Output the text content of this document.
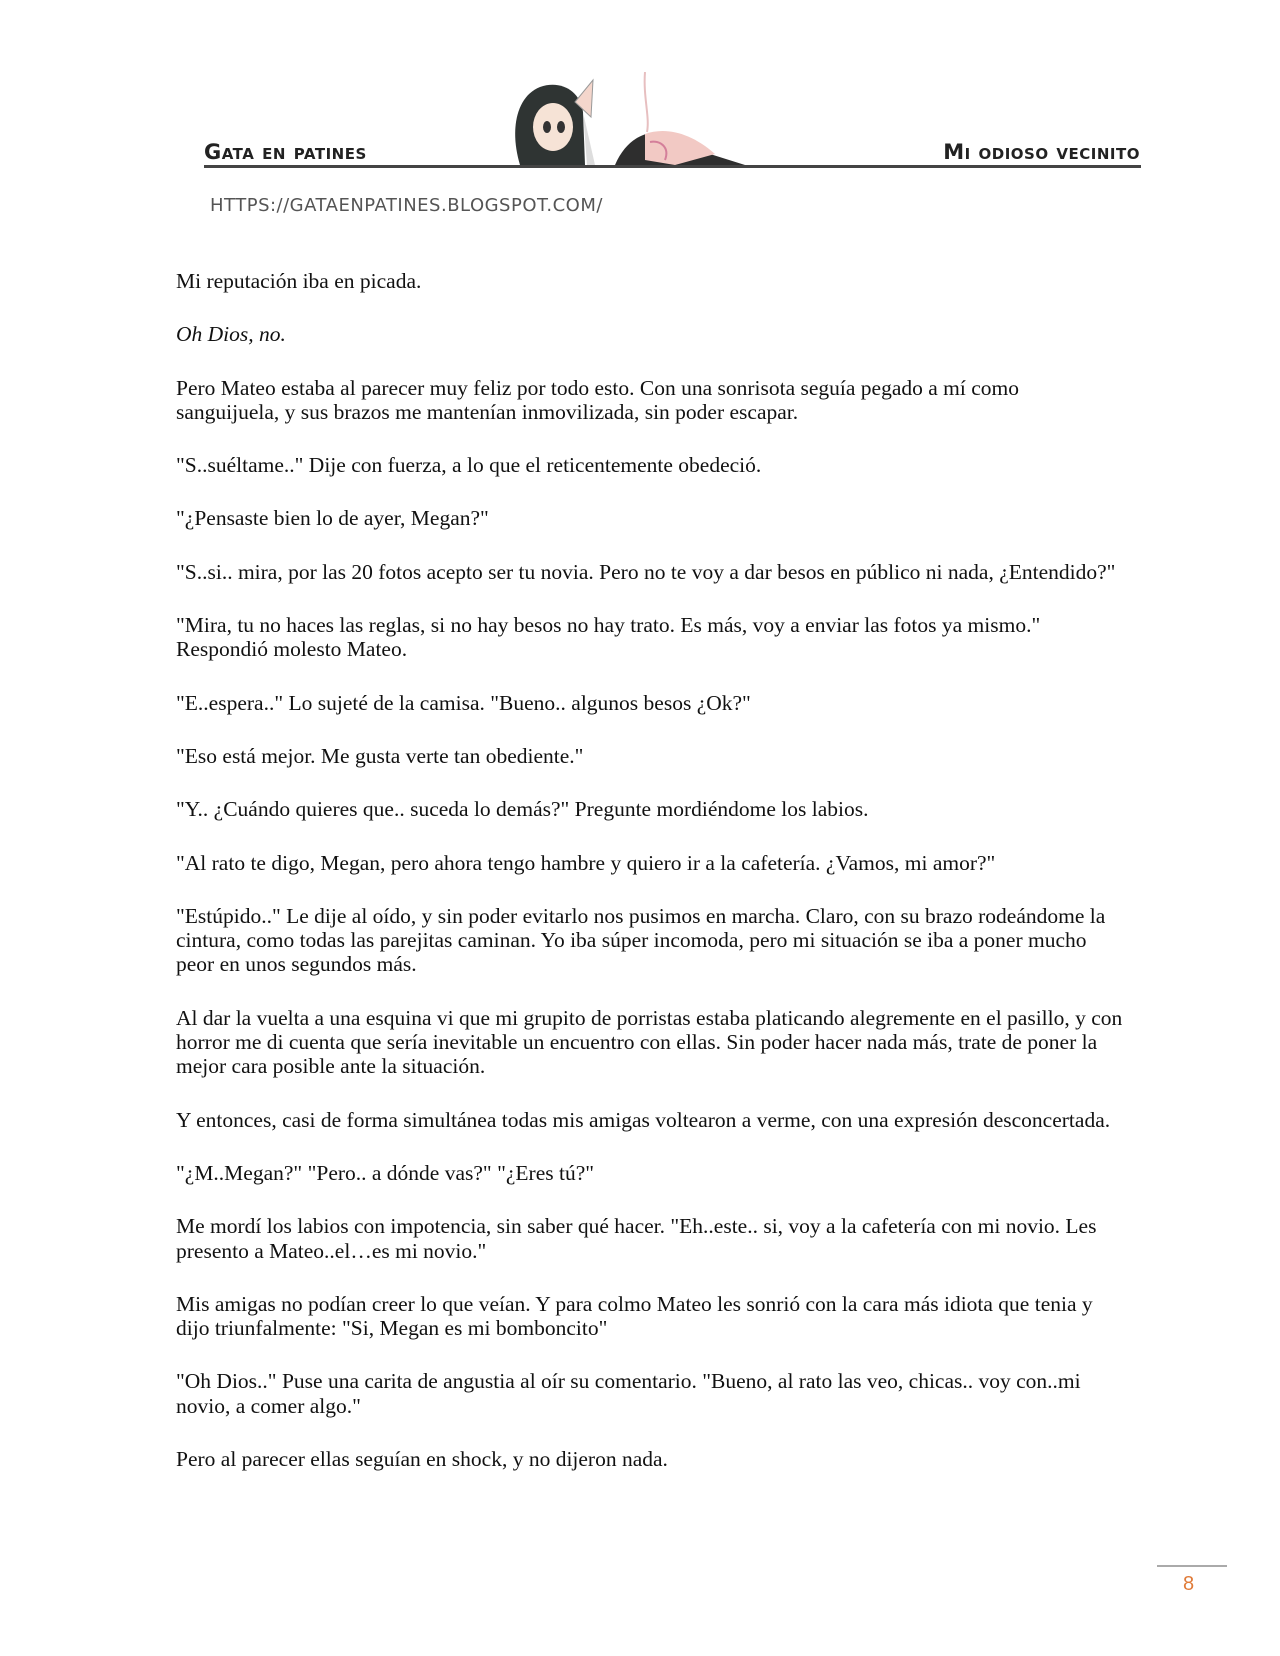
Gata en patines	Mi odioso vecinito
HTTPS://GATAENPATINES.BLOGSPOT.COM/

Mi reputación iba en picada.

Oh Dios, no.

Pero Mateo estaba al parecer muy feliz por todo esto. Con una sonrisota seguía pegado a mí como
sanguijuela, y sus brazos me mantenían inmovilizada, sin poder escapar.

"S..suéltame.." Dije con fuerza, a lo que el reticentemente obedeció.

"¿Pensaste bien lo de ayer, Megan?"

"S..si.. mira, por las 20 fotos acepto ser tu novia. Pero no te voy a dar besos en público ni nada, ¿Entendido?"

"Mira, tu no haces las reglas, si no hay besos no hay trato. Es más, voy a enviar las fotos ya mismo."
Respondió molesto Mateo.

"E..espera.." Lo sujeté de la camisa. "Bueno.. algunos besos ¿Ok?"

"Eso está mejor. Me gusta verte tan obediente."

"Y.. ¿Cuándo quieres que.. suceda lo demás?" Pregunte mordiéndome los labios.

"Al rato te digo, Megan, pero ahora tengo hambre y quiero ir a la cafetería. ¿Vamos, mi amor?"

"Estúpido.." Le dije al oído, y sin poder evitarlo nos pusimos en marcha. Claro, con su brazo rodeándome la
cintura, como todas las parejitas caminan. Yo iba súper incomoda, pero mi situación se iba a poner mucho
peor en unos segundos más.

Al dar la vuelta a una esquina vi que mi grupito de porristas estaba platicando alegremente en el pasillo, y con
horror me di cuenta que sería inevitable un encuentro con ellas. Sin poder hacer nada más, trate de poner la
mejor cara posible ante la situación.

Y entonces, casi de forma simultánea todas mis amigas voltearon a verme, con una expresión desconcertada.

"¿M..Megan?" "Pero.. a dónde vas?" "¿Eres tú?"

Me mordí los labios con impotencia, sin saber qué hacer. "Eh..este.. si, voy a la cafetería con mi novio. Les
presento a Mateo..el…es mi novio."

Mis amigas no podían creer lo que veían. Y para colmo Mateo les sonrió con la cara más idiota que tenia y
dijo triunfalmente: "Si, Megan es mi bomboncito"

"Oh Dios.." Puse una carita de angustia al oír su comentario. "Bueno, al rato las veo, chicas.. voy con..mi
novio, a comer algo."

Pero al parecer ellas seguían en shock, y no dijeron nada.

8
